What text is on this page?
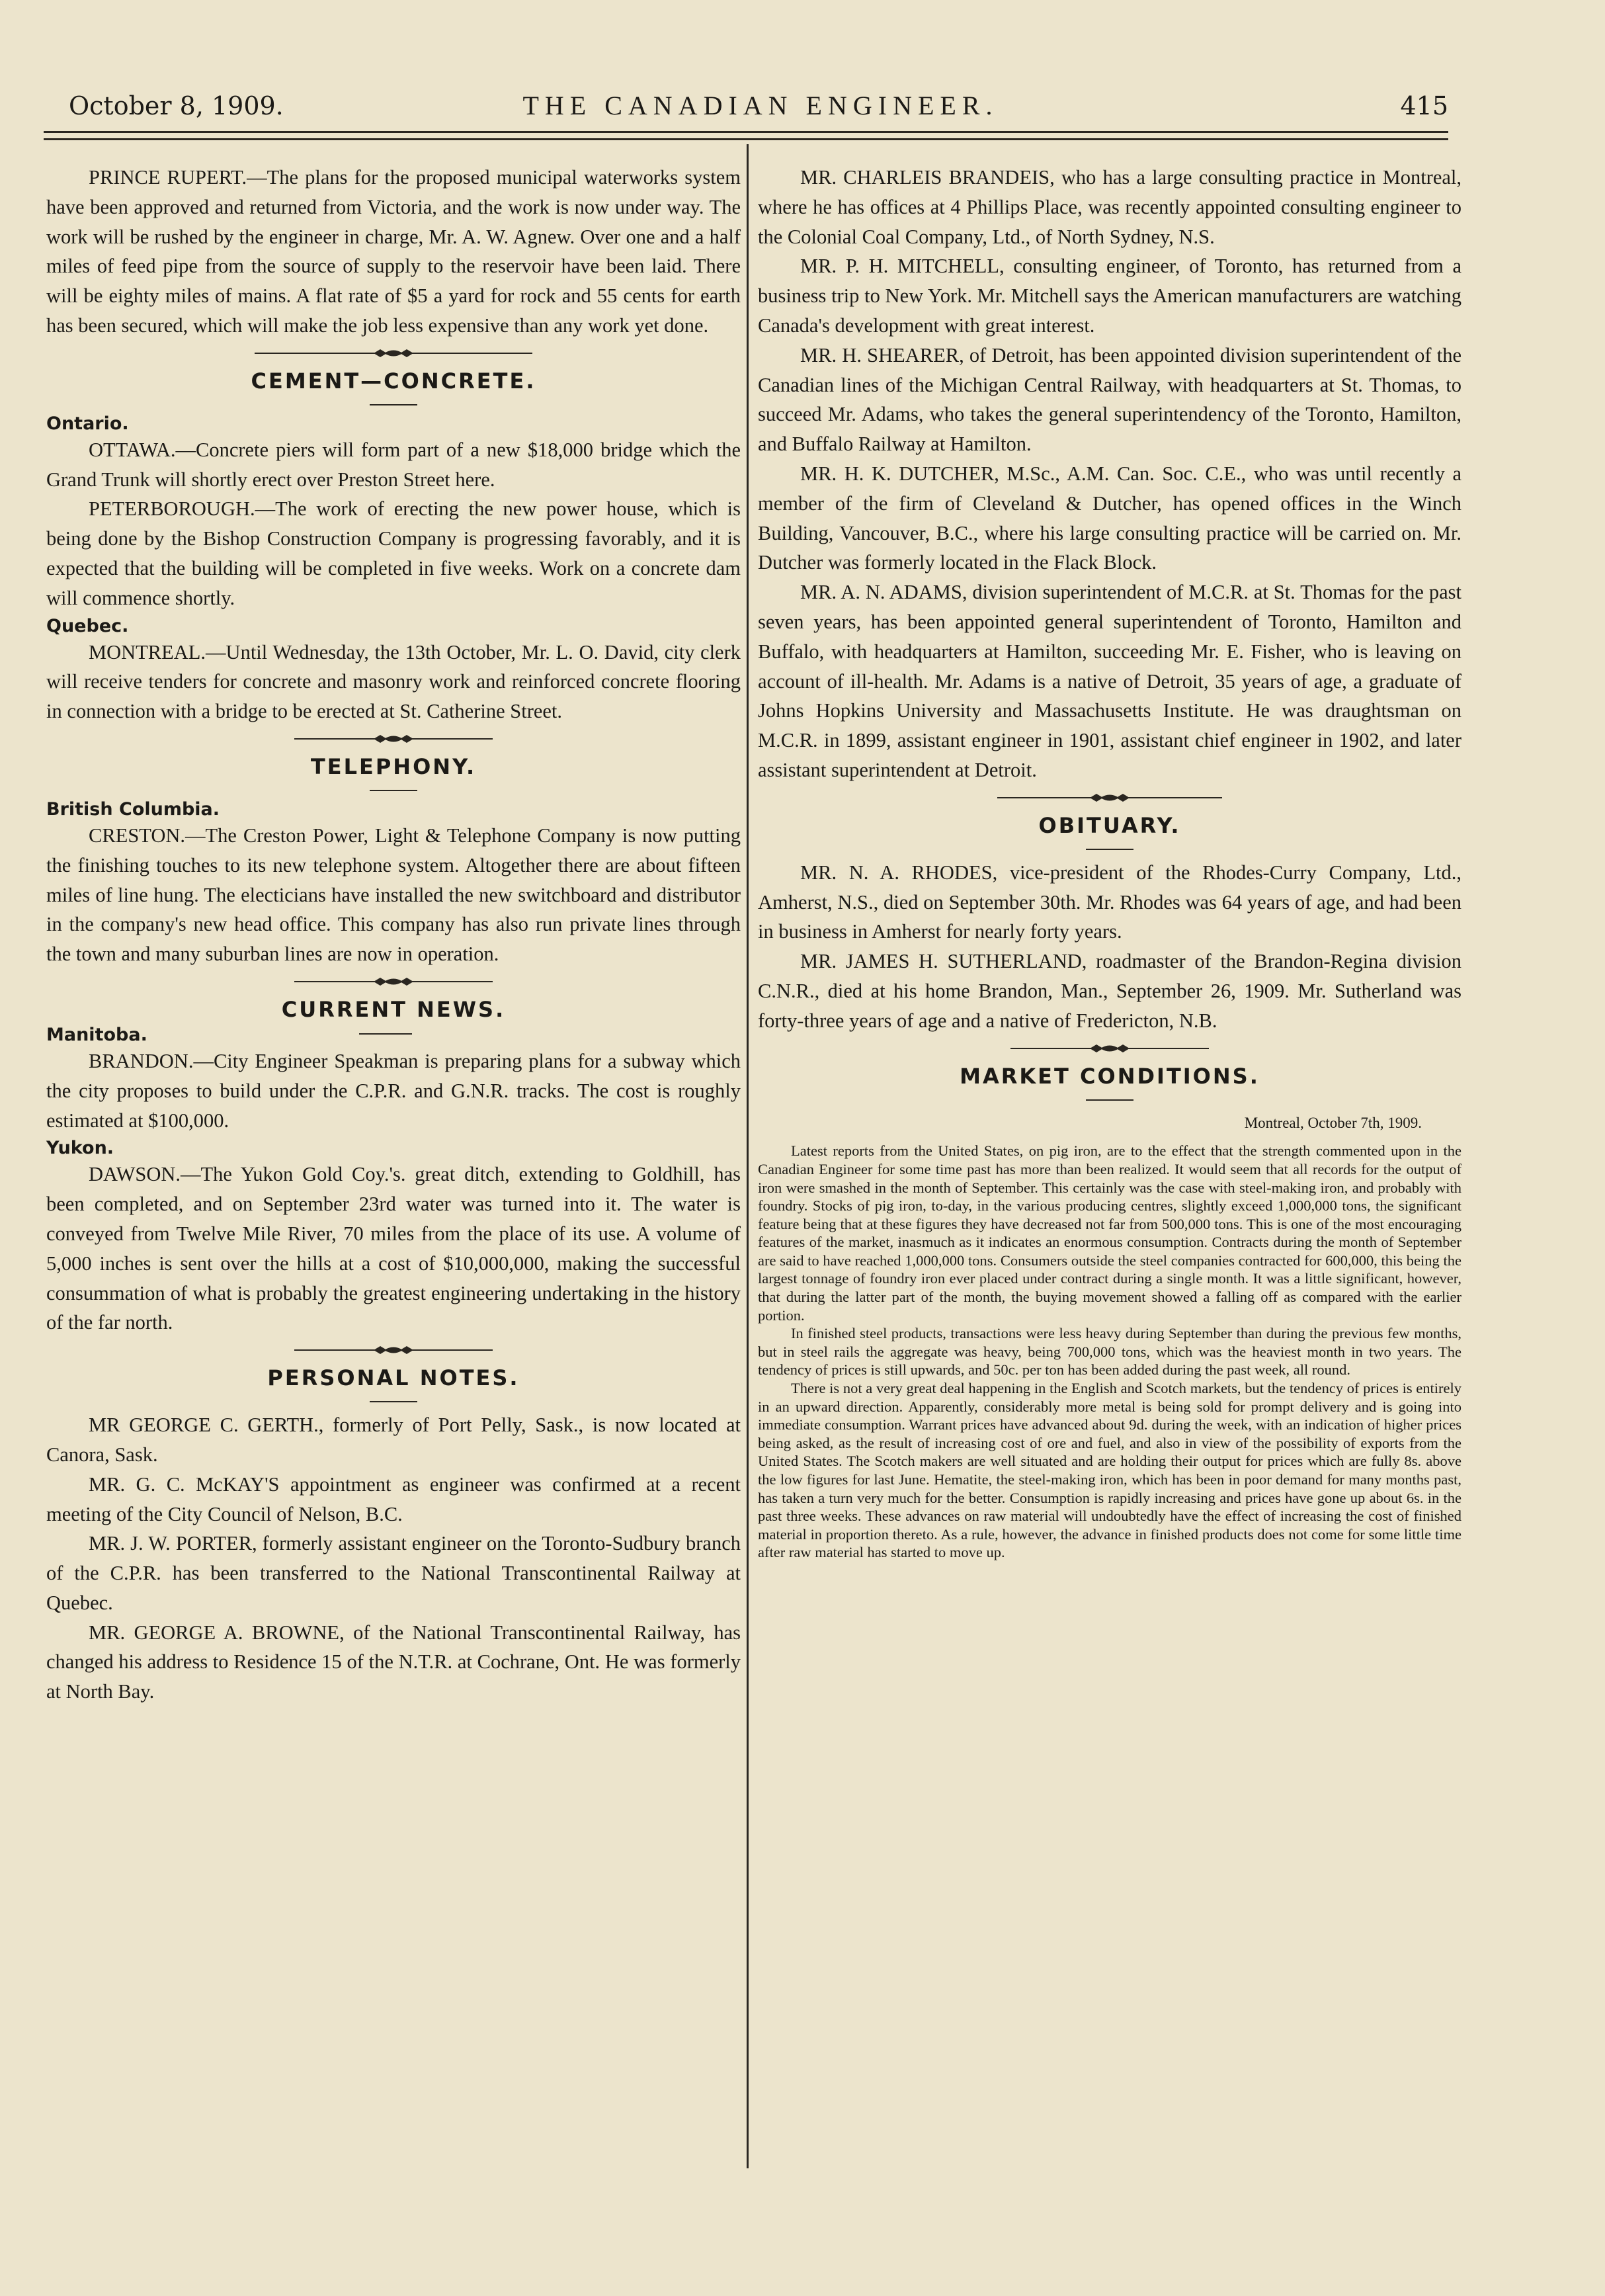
October 8, 1909.	THE CANADIAN ENGINEER.	415

PRINCE RUPERT.—The plans for the proposed municipal waterworks system have been approved and returned from Victoria, and the work is now under way. The work will be rushed by the engineer in charge, Mr. A. W. Agnew. Over one and a half miles of feed pipe from the source of supply to the reservoir have been laid. There will be eighty miles of mains. A flat rate of $5 a yard for rock and 55 cents for earth has been secured, which will make the job less expensive than any work yet done.

CEMENT—CONCRETE.
Ontario.

OTTAWA.—Concrete piers will form part of a new $18,000 bridge which the Grand Trunk will shortly erect over Preston Street here.

PETERBOROUGH.—The work of erecting the new power house, which is being done by the Bishop Construction Company is progressing favorably, and it is expected that the building will be completed in five weeks. Work on a concrete dam will commence shortly.

Quebec.

MONTREAL.—Until Wednesday, the 13th October, Mr. L. O. David, city clerk will receive tenders for concrete and masonry work and reinforced concrete flooring in connection with a bridge to be erected at St. Catherine Street.

TELEPHONY.
British Columbia.

CRESTON.—The Creston Power, Light & Telephone Company is now putting the finishing touches to its new telephone system. Altogether there are about fifteen miles of line hung. The electicians have installed the new switchboard and distributor in the company's new head office. This company has also run private lines through the town and many suburban lines are now in operation.

CURRENT NEWS.
Manitoba.

BRANDON.—City Engineer Speakman is preparing plans for a subway which the city proposes to build under the C.P.R. and G.N.R. tracks. The cost is roughly estimated at $100,000.

Yukon.

DAWSON.—The Yukon Gold Coy.'s. great ditch, extending to Goldhill, has been completed, and on September 23rd water was turned into it. The water is conveyed from Twelve Mile River, 70 miles from the place of its use. A volume of 5,000 inches is sent over the hills at a cost of $10,000,000, making the successful consummation of what is probably the greatest engineering undertaking in the history of the far north.

PERSONAL NOTES.

MR GEORGE C. GERTH., formerly of Port Pelly, Sask., is now located at Canora, Sask.

MR. G. C. McKAY'S appointment as engineer was confirmed at a recent meeting of the City Council of Nelson, B.C.

MR. J. W. PORTER, formerly assistant engineer on the Toronto-Sudbury branch of the C.P.R. has been transferred to the National Transcontinental Railway at Quebec.

MR. GEORGE A. BROWNE, of the National Transcontinental Railway, has changed his address to Residence 15 of the N.T.R. at Cochrane, Ont. He was formerly at North Bay.

MR. CHARLEIS BRANDEIS, who has a large consulting practice in Montreal, where he has offices at 4 Phillips Place, was recently appointed consulting engineer to the Colonial Coal Company, Ltd., of North Sydney, N.S.

MR. P. H. MITCHELL, consulting engineer, of Toronto, has returned from a business trip to New York. Mr. Mitchell says the American manufacturers are watching Canada's development with great interest.

MR. H. SHEARER, of Detroit, has been appointed division superintendent of the Canadian lines of the Michigan Central Railway, with headquarters at St. Thomas, to succeed Mr. Adams, who takes the general superintendency of the Toronto, Hamilton, and Buffalo Railway at Hamilton.

MR. H. K. DUTCHER, M.Sc., A.M. Can. Soc. C.E., who was until recently a member of the firm of Cleveland & Dutcher, has opened offices in the Winch Building, Vancouver, B.C., where his large consulting practice will be carried on. Mr. Dutcher was formerly located in the Flack Block.

MR. A. N. ADAMS, division superintendent of M.C.R. at St. Thomas for the past seven years, has been appointed general superintendent of Toronto, Hamilton and Buffalo, with headquarters at Hamilton, succeeding Mr. E. Fisher, who is leaving on account of ill-health. Mr. Adams is a native of Detroit, 35 years of age, a graduate of Johns Hopkins University and Massachusetts Institute. He was draughtsman on M.C.R. in 1899, assistant engineer in 1901, assistant chief engineer in 1902, and later assistant superintendent at Detroit.

OBITUARY.

MR. N. A. RHODES, vice-president of the Rhodes-Curry Company, Ltd., Amherst, N.S., died on September 30th. Mr. Rhodes was 64 years of age, and had been in business in Amherst for nearly forty years.

MR. JAMES H. SUTHERLAND, roadmaster of the Brandon-Regina division C.N.R., died at his home Brandon, Man., September 26, 1909. Mr. Sutherland was forty-three years of age and a native of Fredericton, N.B.

MARKET CONDITIONS.

Montreal, October 7th, 1909.

Latest reports from the United States, on pig iron, are to the effect that the strength commented upon in the Canadian Engineer for some time past has more than been realized. It would seem that all records for the output of iron were smashed in the month of September. This certainly was the case with steel-making iron, and probably with foundry. Stocks of pig iron, to-day, in the various producing centres, slightly exceed 1,000,000 tons, the significant feature being that at these figures they have decreased not far from 500,000 tons. This is one of the most encouraging features of the market, inasmuch as it indicates an enormous consumption. Contracts during the month of September are said to have reached 1,000,000 tons. Consumers outside the steel companies contracted for 600,000, this being the largest tonnage of foundry iron ever placed under contract during a single month. It was a little significant, however, that during the latter part of the month, the buying movement showed a falling off as compared with the earlier portion.

In finished steel products, transactions were less heavy during September than during the previous few months, but in steel rails the aggregate was heavy, being 700,000 tons, which was the heaviest month in two years. The tendency of prices is still upwards, and 50c. per ton has been added during the past week, all round.

There is not a very great deal happening in the English and Scotch markets, but the tendency of prices is entirely in an upward direction. Apparently, considerably more metal is being sold for prompt delivery and is going into immediate consumption. Warrant prices have advanced about 9d. during the week, with an indication of higher prices being asked, as the result of increasing cost of ore and fuel, and also in view of the possibility of exports from the United States. The Scotch makers are well situated and are holding their output for prices which are fully 8s. above the low figures for last June. Hematite, the steel-making iron, which has been in poor demand for many months past, has taken a turn very much for the better. Consumption is rapidly increasing and prices have gone up about 6s. in the past three weeks. These advances on raw material will undoubtedly have the effect of increasing the cost of finished material in proportion thereto. As a rule, however, the advance in finished products does not come for some little time after raw material has started to move up.
